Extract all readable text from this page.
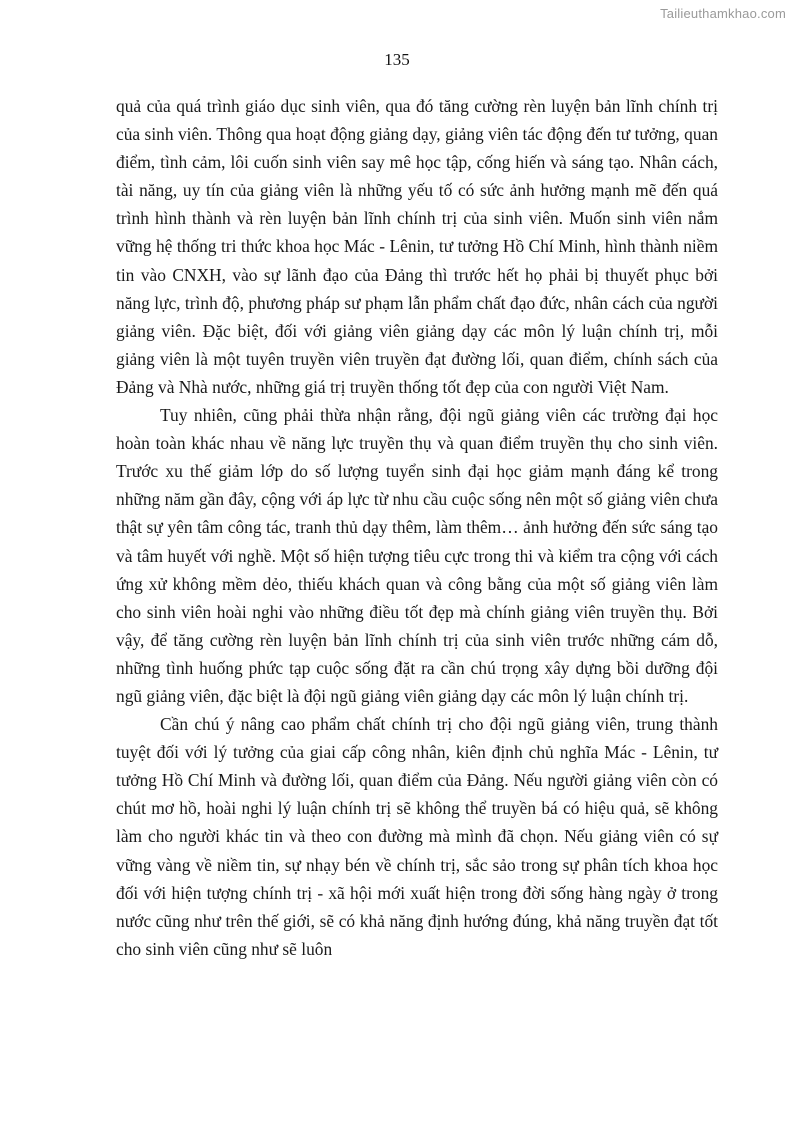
Tailieuthamkhao.com
135

quả của quá trình giáo dục sinh viên, qua đó tăng cường rèn luyện bản lĩnh chính trị của sinh viên. Thông qua hoạt động giảng dạy, giảng viên tác động đến tư tưởng, quan điểm, tình cảm, lôi cuốn sinh viên say mê học tập, cống hiến và sáng tạo. Nhân cách, tài năng, uy tín của giảng viên là những yếu tố có sức ảnh hưởng mạnh mẽ đến quá trình hình thành và rèn luyện bản lĩnh chính trị của sinh viên. Muốn sinh viên nắm vững hệ thống tri thức khoa học Mác - Lênin, tư tưởng Hồ Chí Minh, hình thành niềm tin vào CNXH, vào sự lãnh đạo của Đảng thì trước hết họ phải bị thuyết phục bởi năng lực, trình độ, phương pháp sư phạm lẫn phẩm chất đạo đức, nhân cách của người giảng viên. Đặc biệt, đối với giảng viên giảng dạy các môn lý luận chính trị, mỗi giảng viên là một tuyên truyền viên truyền đạt đường lối, quan điểm, chính sách của Đảng và Nhà nước, những giá trị truyền thống tốt đẹp của con người Việt Nam.

Tuy nhiên, cũng phải thừa nhận rằng, đội ngũ giảng viên các trường đại học hoàn toàn khác nhau về năng lực truyền thụ và quan điểm truyền thụ cho sinh viên. Trước xu thế giảm lớp do số lượng tuyển sinh đại học giảm mạnh đáng kể trong những năm gần đây, cộng với áp lực từ nhu cầu cuộc sống nên một số giảng viên chưa thật sự yên tâm công tác, tranh thủ dạy thêm, làm thêm… ảnh hưởng đến sức sáng tạo và tâm huyết với nghề. Một số hiện tượng tiêu cực trong thi và kiểm tra cộng với cách ứng xử không mềm dẻo, thiếu khách quan và công bằng của một số giảng viên làm cho sinh viên hoài nghi vào những điều tốt đẹp mà chính giảng viên truyền thụ. Bởi vậy, để tăng cường rèn luyện bản lĩnh chính trị của sinh viên trước những cám dỗ, những tình huống phức tạp cuộc sống đặt ra cần chú trọng xây dựng bồi dưỡng đội ngũ giảng viên, đặc biệt là đội ngũ giảng viên giảng dạy các môn lý luận chính trị.

Cần chú ý nâng cao phẩm chất chính trị cho đội ngũ giảng viên, trung thành tuyệt đối với lý tưởng của giai cấp công nhân, kiên định chủ nghĩa Mác - Lênin, tư tưởng Hồ Chí Minh và đường lối, quan điểm của Đảng. Nếu người giảng viên còn có chút mơ hồ, hoài nghi lý luận chính trị sẽ không thể truyền bá có hiệu quả, sẽ không làm cho người khác tin và theo con đường mà mình đã chọn. Nếu giảng viên có sự vững vàng về niềm tin, sự nhạy bén về chính trị, sắc sảo trong sự phân tích khoa học đối với hiện tượng chính trị - xã hội mới xuất hiện trong đời sống hàng ngày ở trong nước cũng như trên thế giới, sẽ có khả năng định hướng đúng, khả năng truyền đạt tốt cho sinh viên cũng như sẽ luôn
